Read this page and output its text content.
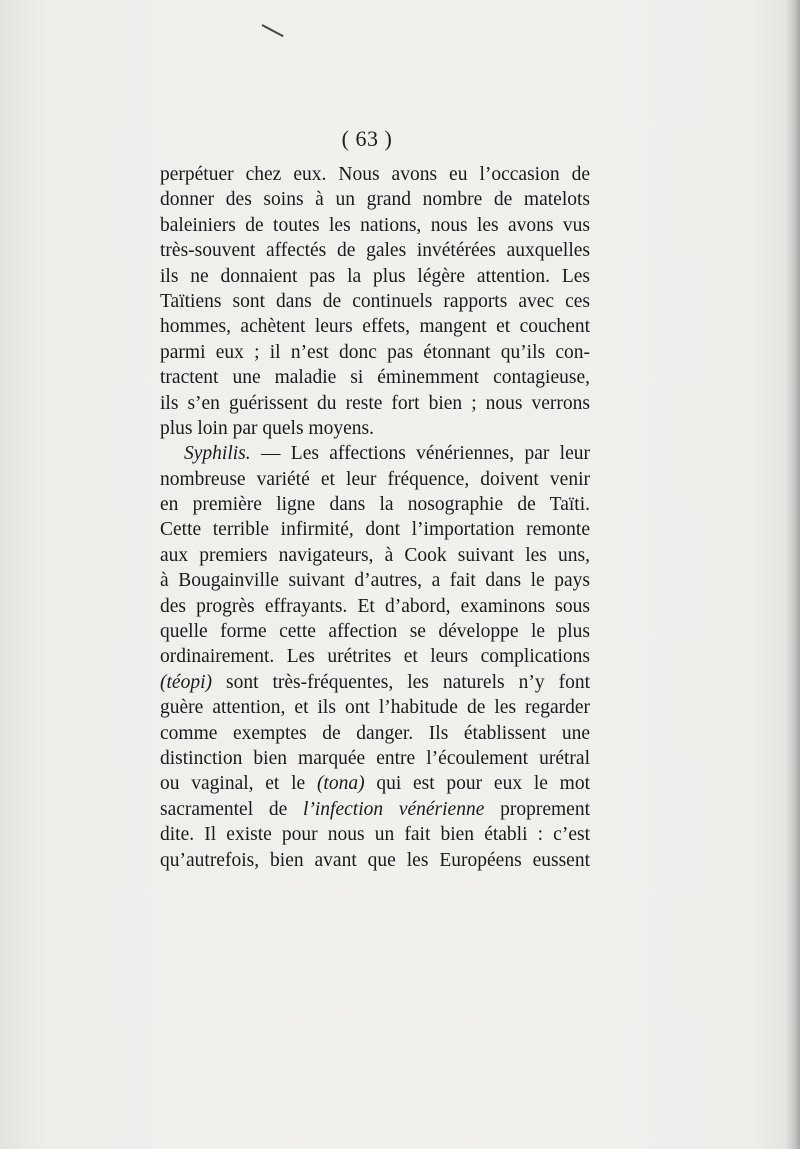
( 63 )
perpétuer chez eux. Nous avons eu l’occasion de
donner des soins à un grand nombre de matelots
baleiniers de toutes les nations, nous les avons vus
très-souvent affectés de gales invétérées auxquelles
ils ne donnaient pas la plus légère attention. Les
Taïtiens sont dans de continuels rapports avec ces
hommes, achètent leurs effets, mangent et couchent
parmi eux ; il n’est donc pas étonnant qu’ils con-
tractent une maladie si éminemment contagieuse,
ils s’en guérissent du reste fort bien ; nous verrons
plus loin par quels moyens.
Syphilis. — Les affections vénériennes, par leur
nombreuse variété et leur fréquence, doivent venir
en première ligne dans la nosographie de Taïti.
Cette terrible infirmité, dont l’importation remonte
aux premiers navigateurs, à Cook suivant les uns,
à Bougainville suivant d’autres, a fait dans le pays
des progrès effrayants. Et d’abord, examinons sous
quelle forme cette affection se développe le plus
ordinairement. Les urétrites et leurs complications
(téopi) sont très-fréquentes, les naturels n’y font
guère attention, et ils ont l’habitude de les regarder
comme exemptes de danger. Ils établissent une
distinction bien marquée entre l’écoulement urétral
ou vaginal, et le (tona) qui est pour eux le mot
sacramentel de l’infection vénérienne proprement
dite. Il existe pour nous un fait bien établi : c’est
qu’autrefois, bien avant que les Européens eussent
